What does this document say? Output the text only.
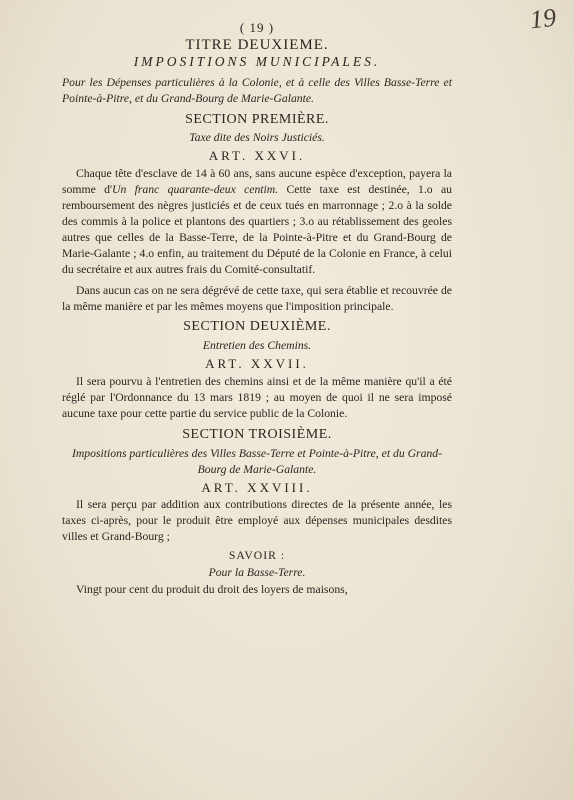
19
( 19 )
TITRE DEUXIEME.
IMPOSITIONS MUNICIPALES.

Pour les Dépenses particulières à la Colonie, et à celle des Villes Basse-Terre et Pointe-à-Pitre, et du Grand-Bourg de Marie-Galante.

SECTION PREMIÈRE.
Taxe dite des Noirs Justiciés.
ART. XXVI.

Chaque tête d'esclave de 14 à 60 ans, sans aucune espèce d'exception, payera la somme d'Un franc quarante-deux centim. Cette taxe est destinée, 1.o au remboursement des nègres justiciés et de ceux tués en marronnage ; 2.o à la solde des commis à la police et plantons des quartiers ; 3.o au rétablissement des geoles autres que celles de la Basse-Terre, de la Pointe-à-Pitre et du Grand-Bourg de Marie-Galante ; 4.o enfin, au traitement du Député de la Colonie en France, à celui du secrétaire et aux autres frais du Comité-consultatif.

Dans aucun cas on ne sera dégrévé de cette taxe, qui sera établie et recouvrée de la même manière et par les mêmes moyens que l'imposition principale.

SECTION DEUXIÈME.
Entretien des Chemins.
ART. XXVII.

Il sera pourvu à l'entretien des chemins ainsi et de la même manière qu'il a été réglé par l'Ordonnance du 13 mars 1819 ; au moyen de quoi il ne sera imposé aucune taxe pour cette partie du service public de la Colonie.

SECTION TROISIÈME.
Impositions particulières des Villes Basse-Terre et Pointe-à-Pitre, et du Grand-Bourg de Marie-Galante.
ART. XXVIII.

Il sera perçu par addition aux contributions directes de la présente année, les taxes ci-après, pour le produit être employé aux dépenses municipales desdites villes et Grand-Bourg ;

SAVOIR :
Pour la Basse-Terre.

Vingt pour cent du produit du droit des loyers de maisons,
